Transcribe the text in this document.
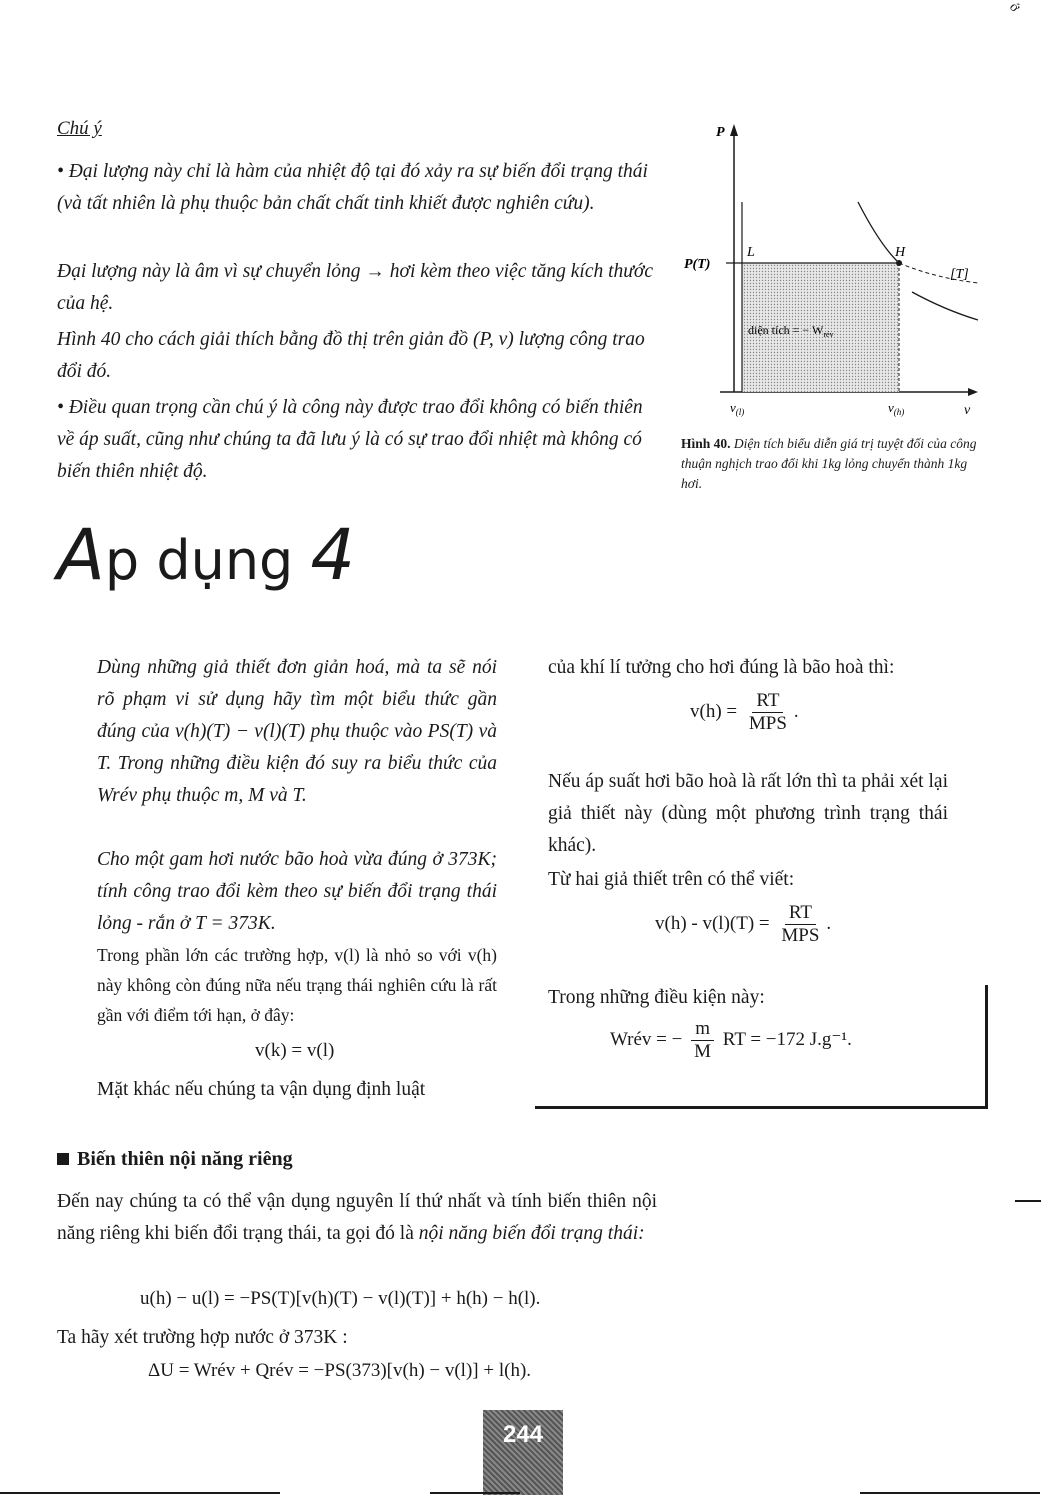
Chú ý
• Đại lượng này chỉ là hàm của nhiệt độ tại đó xảy ra sự biến đổi trạng thái (và tất nhiên là phụ thuộc bản chất chất tinh khiết được nghiên cứu).
Đại lượng này là âm vì sự chuyển lỏng → hơi kèm theo việc tăng kích thước của hệ.
Hình 40 cho cách giải thích bằng đồ thị trên giản đồ (P, v) lượng công trao đổi đó.
• Điều quan trọng cần chú ý là công này được trao đổi không có biến thiên về áp suất, cũng như chúng ta đã lưu ý là có sự trao đổi nhiệt mà không có biến thiên nhiệt độ.
P
v
P(T)
L	H
[T]
diện tích = − $W_{rév}$
$v_{(l)}$	$v_{(h)}$
Hình 40. Diện tích biểu diễn giá trị tuyệt đối của công thuận nghịch trao đổi khi 1kg lỏng chuyển thành 1kg hơi.
Ap dụng 4
Dùng những giả thiết đơn giản hoá, mà ta sẽ nói rõ phạm vi sử dụng hãy tìm một biểu thức gần đúng của v(h)(T) − v(l)(T) phụ thuộc vào PS(T) và T. Trong những điều kiện đó suy ra biểu thức của Wrév phụ thuộc m, M và T.
Cho một gam hơi nước bão hoà vừa đúng ở 373K; tính công trao đổi kèm theo sự biến đổi trạng thái lỏng - rắn ở T = 373K.
Trong phần lớn các trường hợp, v(l) là nhỏ so với v(h) này không còn đúng nữa nếu trạng thái nghiên cứu là rất gần với điểm tới hạn, ở đây:
v(k) = v(l)
Mặt khác nếu chúng ta vận dụng định luật
của khí lí tưởng cho hơi đúng là bão hoà thì:
$v(h) = \frac{RT}{\text{MPS}}$ .
Nếu áp suất hơi bão hoà là rất lớn thì ta phải xét lại giả thiết này (dùng một phương trình trạng thái khác).
Từ hai giả thiết trên có thể viết:
$v(h) - v(l)(T) = \frac{RT}{\text{MPS}}$ .
Trong những điều kiện này:
Wrév = − $\frac{m}{M}$ RT = −172 J.g⁻¹.
Biến thiên nội năng riêng
Đến nay chúng ta có thể vận dụng nguyên lí thứ nhất và tính biến thiên nội năng riêng khi biến đổi trạng thái, ta gọi đó là nội năng biến đổi trạng thái:
u(h) − u(l) = −PS(T)[v(h)(T) − v(l)(T)] + h(h) − h(l).
Ta hãy xét trường hợp nước ở 373K :
ΔU = Wrév + Qrév = −PS(373)[v(h) − v(l)] + l(h).
244
ớ
